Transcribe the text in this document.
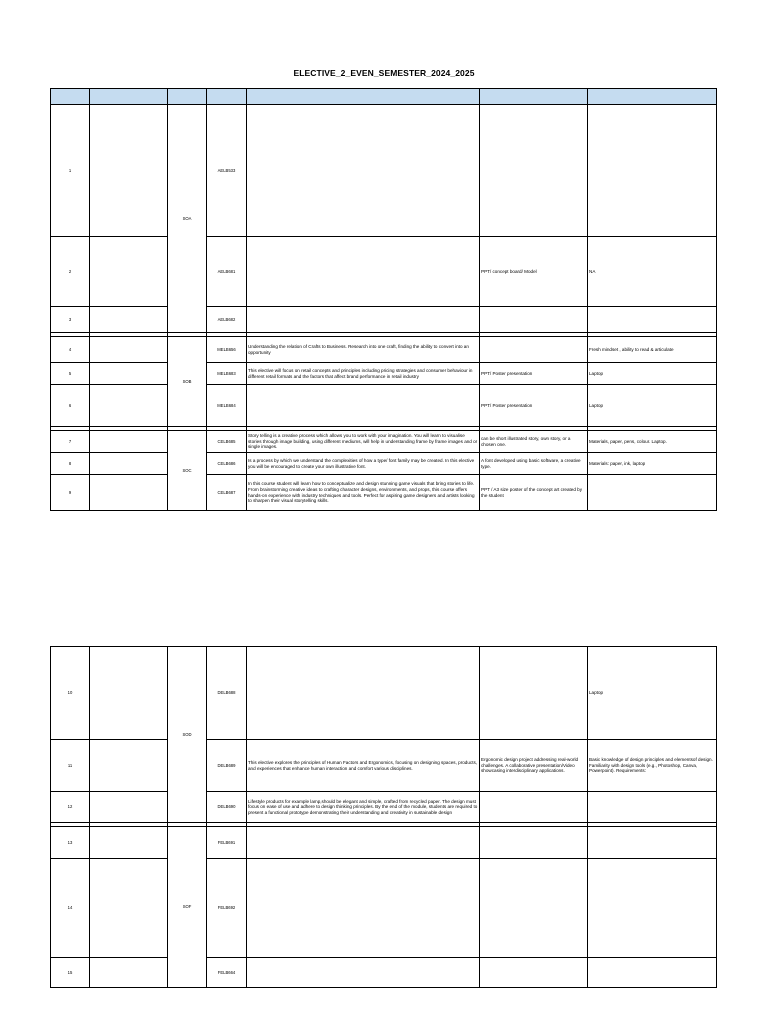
ELECTIVE_2_EVEN_SEMESTER_2024_2025

1		SOA	AELB533			
2			AELB681		PPT/ concept board/ Model	NA
3			AELB682			

4		SOB	MELB656	Understanding the relation of Crafts to Business. Research into one craft, finding the ability to convert into an opportunity		Fresh mindset , ability to read & articulate
5			MELB683	This elective will focus on retail concepts and principles including pricing strategies and consumer behaviour in different retail formats and the factors that affect brand performance in retail industry	PPT/ Poster presentation	Laptop
6			MELB684		PPT/ Poster presentation	Laptop

7		SOC	CELB685	Story telling is a creative process which allows you to work with your imagination. You will learn to visualise stories through image building, using different mediums, will help in understanding frame by frame images and or single images.	can be short illustrated story, own story, or a chosen one.	Materials, paper, pens, colour. Laptop.
8			CELB686	Is a process by which we understand the complexities of how a type/ font family may be created. In this elective you will be encouraged to create your own illustrative font.	A font developed using basic software, a creative type.	Materials: paper, ink, laptop
9			CELB687	In this course student will learn how to conceptualize and design stunning game visuals that bring stories to life. From brainstorming creative ideas to crafting character designs, environments, and props, this course offers hands-on experience with industry techniques and tools. Perfect for aspiring game designers and artists looking to sharpen their visual storytelling skills.	PPT / A3 size poster of the concept art created by the student	
10		SOD	DELB688			Laptop
11			DELB689	This elective explores the principles of Human Factors and Ergonomics, focusing on designing spaces, products, and experiences that enhance human interaction and comfort various disciplines.	Ergonomic design project addressing real-world challenges. A collaborative presentation/Video showcasing interdisciplinary applications.	Basic knowledge of design principles and elementsof design. Familiarity with design tools (e.g., Photoshop, Canva, Powerpoint). Requirements:
12			DELB690	Lifestyle products for example lamp,should be elegant and simple, crafted from recycled paper. The design must focus on ease of use and adhere to design thinking principles. By the end of the module, students are required to present a functional prototype demonstrating their understanding and creativity in sustainable design		

13		SOF	FELB691			
14			FELB692			
15			FELB664			
